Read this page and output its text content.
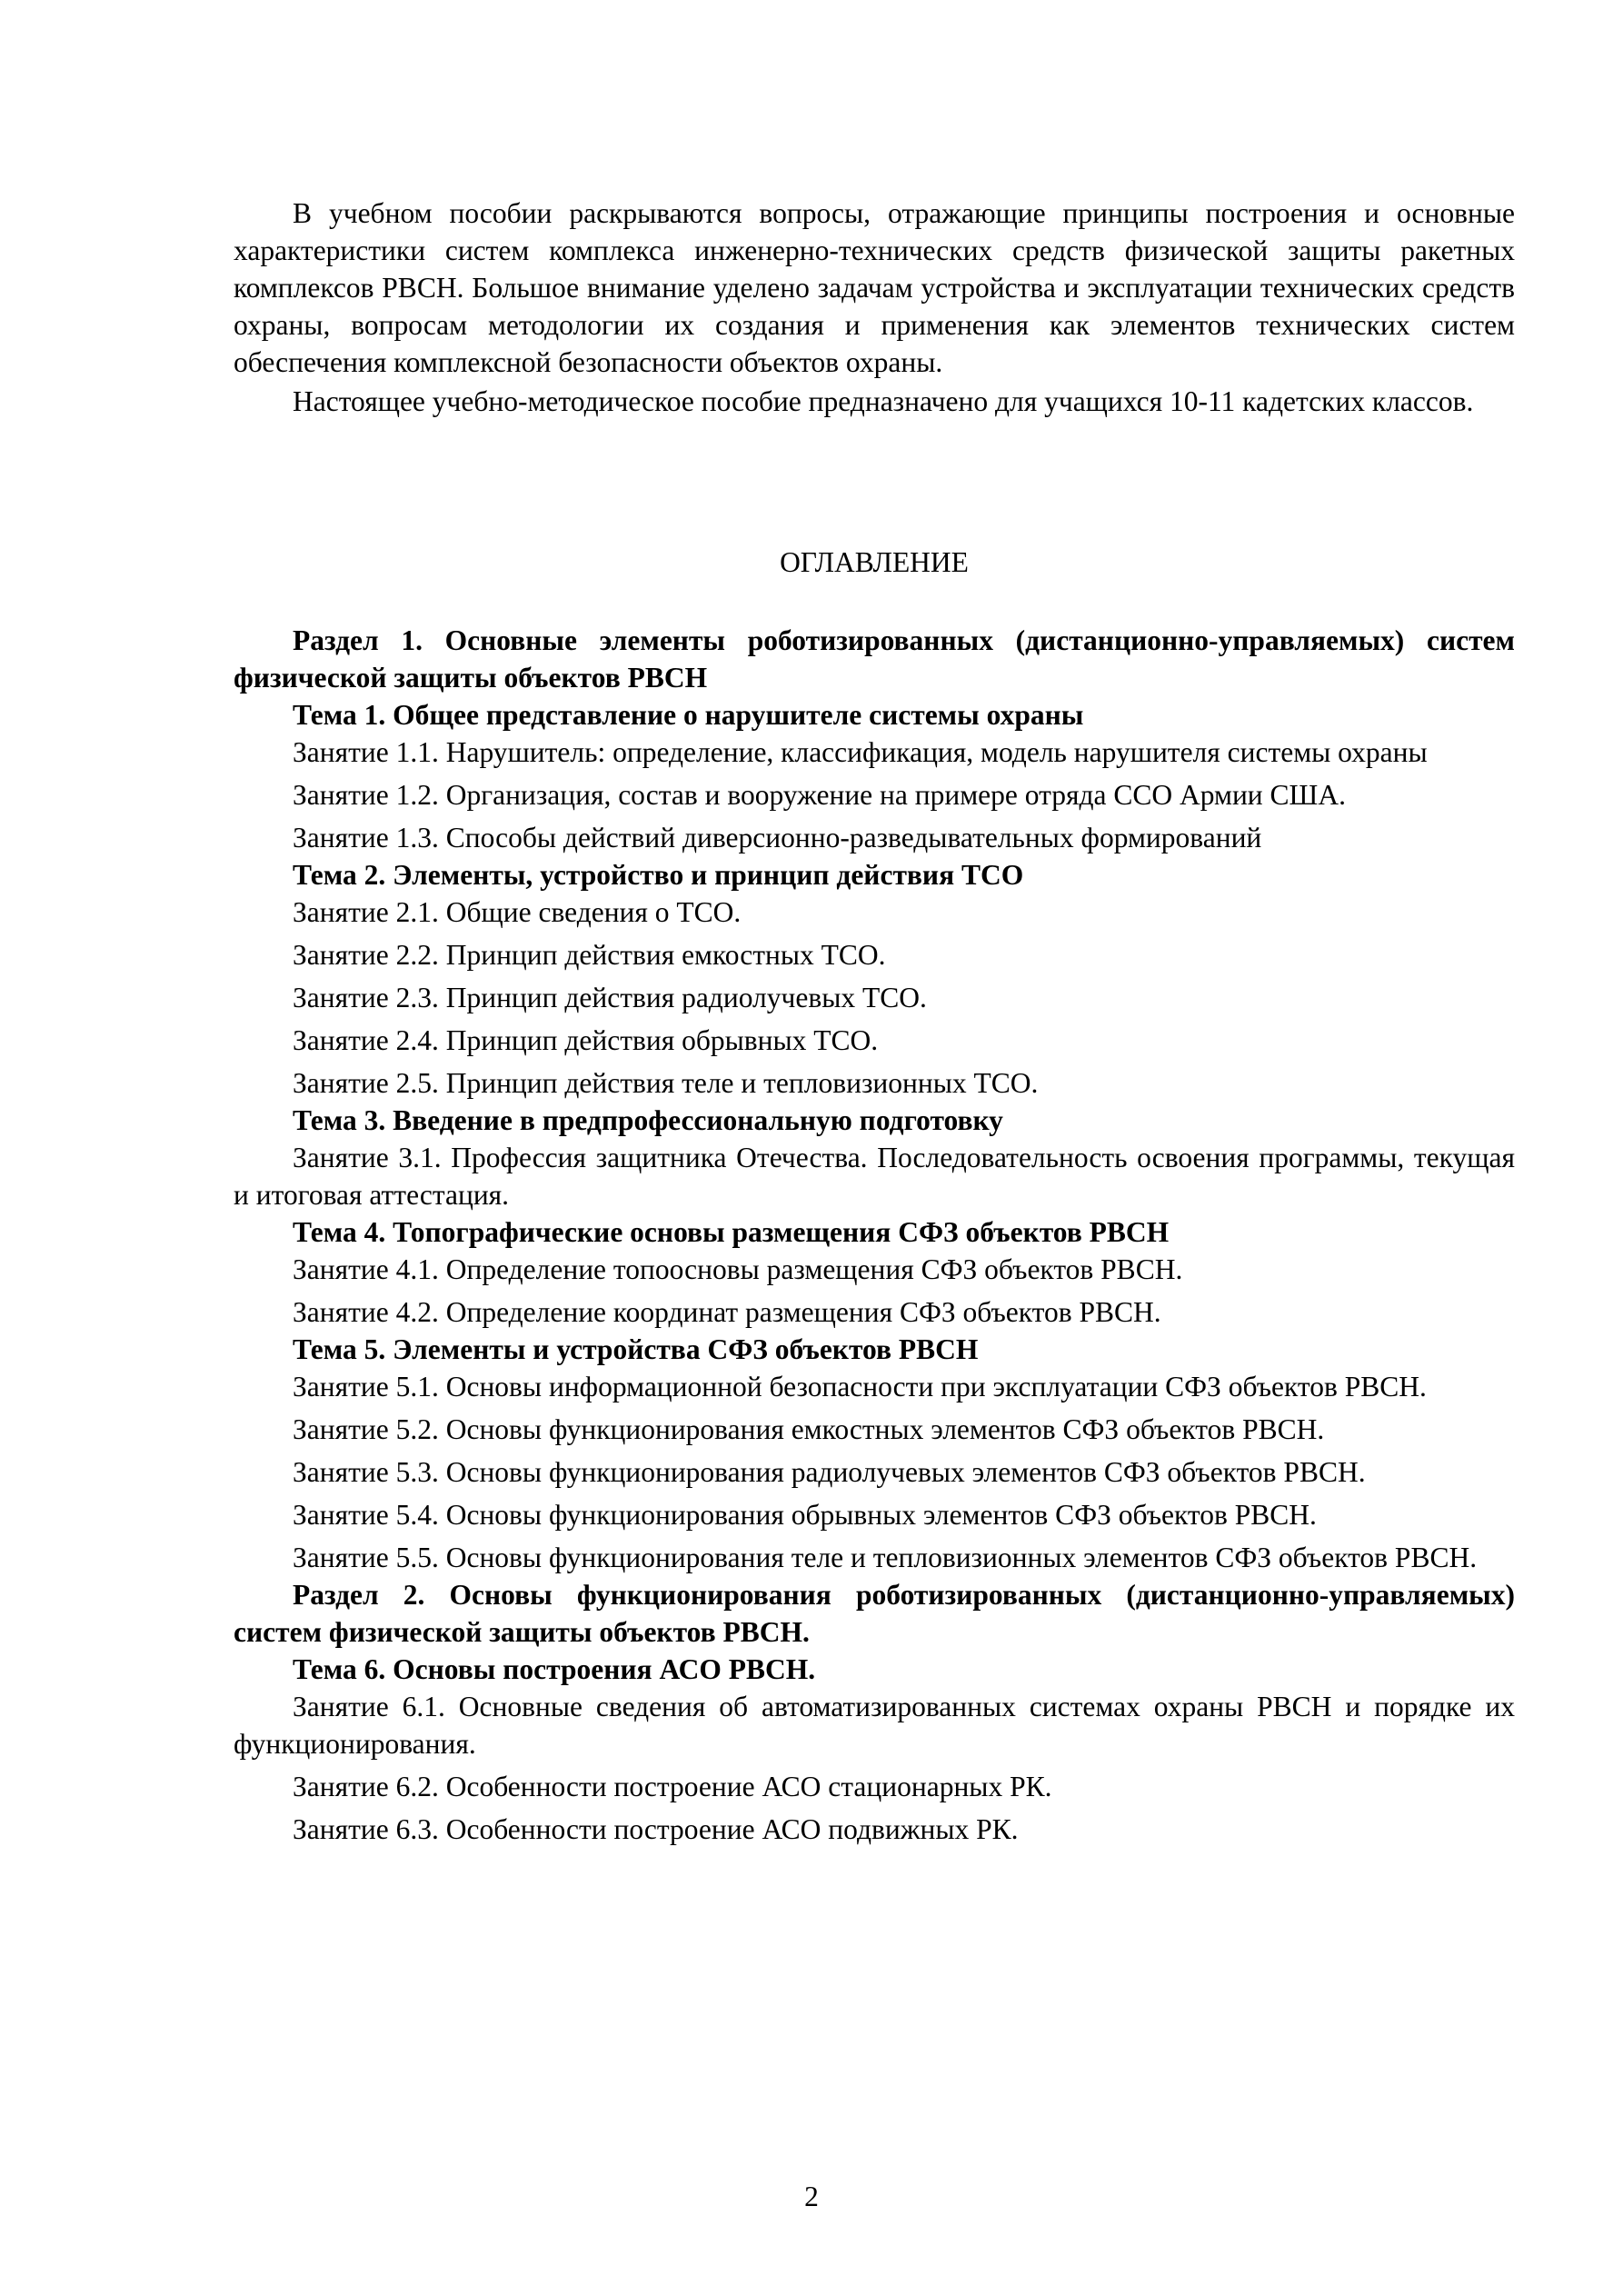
В учебном пособии раскрываются вопросы, отражающие принципы построения и основные характеристики систем комплекса инженерно-технических средств физической защиты ракетных комплексов РВСН. Большое внимание уделено задачам устройства и эксплуатации технических средств охраны, вопросам методологии их создания и применения как элементов технических систем обеспечения комплексной безопасности объектов охраны.

Настоящее учебно-методическое пособие предназначено для учащихся 10-11 кадетских классов.

ОГЛАВЛЕНИЕ

Раздел 1. Основные элементы роботизированных (дистанционно-управляемых) систем физической защиты объектов РВСН

Тема 1. Общее представление о нарушителе системы охраны

Занятие 1.1. Нарушитель: определение, классификация, модель нарушителя системы охраны

Занятие 1.2. Организация, состав и вооружение на примере отряда ССО Армии США.

Занятие 1.3. Способы действий диверсионно-разведывательных формирований

Тема 2. Элементы, устройство и принцип действия ТСО

Занятие 2.1. Общие сведения о ТСО.

Занятие 2.2. Принцип действия емкостных ТСО.

Занятие 2.3. Принцип действия радиолучевых ТСО.

Занятие 2.4. Принцип действия обрывных ТСО.

Занятие 2.5. Принцип действия теле и тепловизионных ТСО.

Тема 3. Введение в предпрофессиональную подготовку

Занятие 3.1. Профессия защитника Отечества. Последовательность освоения программы, текущая и итоговая аттестация.

Тема 4. Топографические основы размещения СФЗ объектов РВСН

Занятие 4.1. Определение топоосновы размещения СФЗ объектов РВСН.

Занятие 4.2. Определение координат размещения СФЗ объектов РВСН.

Тема 5. Элементы и устройства СФЗ объектов РВСН

Занятие 5.1. Основы информационной безопасности при эксплуатации СФЗ объектов РВСН.

Занятие 5.2. Основы функционирования емкостных элементов СФЗ объектов РВСН.

Занятие 5.3. Основы функционирования радиолучевых элементов СФЗ объектов РВСН.

Занятие 5.4. Основы функционирования обрывных элементов СФЗ объектов РВСН.

Занятие 5.5. Основы функционирования теле и тепловизионных элементов СФЗ объектов РВСН.

Раздел 2. Основы функционирования роботизированных (дистанционно-управляемых) систем физической защиты объектов РВСН.

Тема 6. Основы построения АСО РВСН.

Занятие 6.1. Основные сведения об автоматизированных системах охраны РВСН и порядке их функционирования.

Занятие 6.2. Особенности построение АСО стационарных РК.

Занятие 6.3. Особенности построение АСО подвижных РК.

2
